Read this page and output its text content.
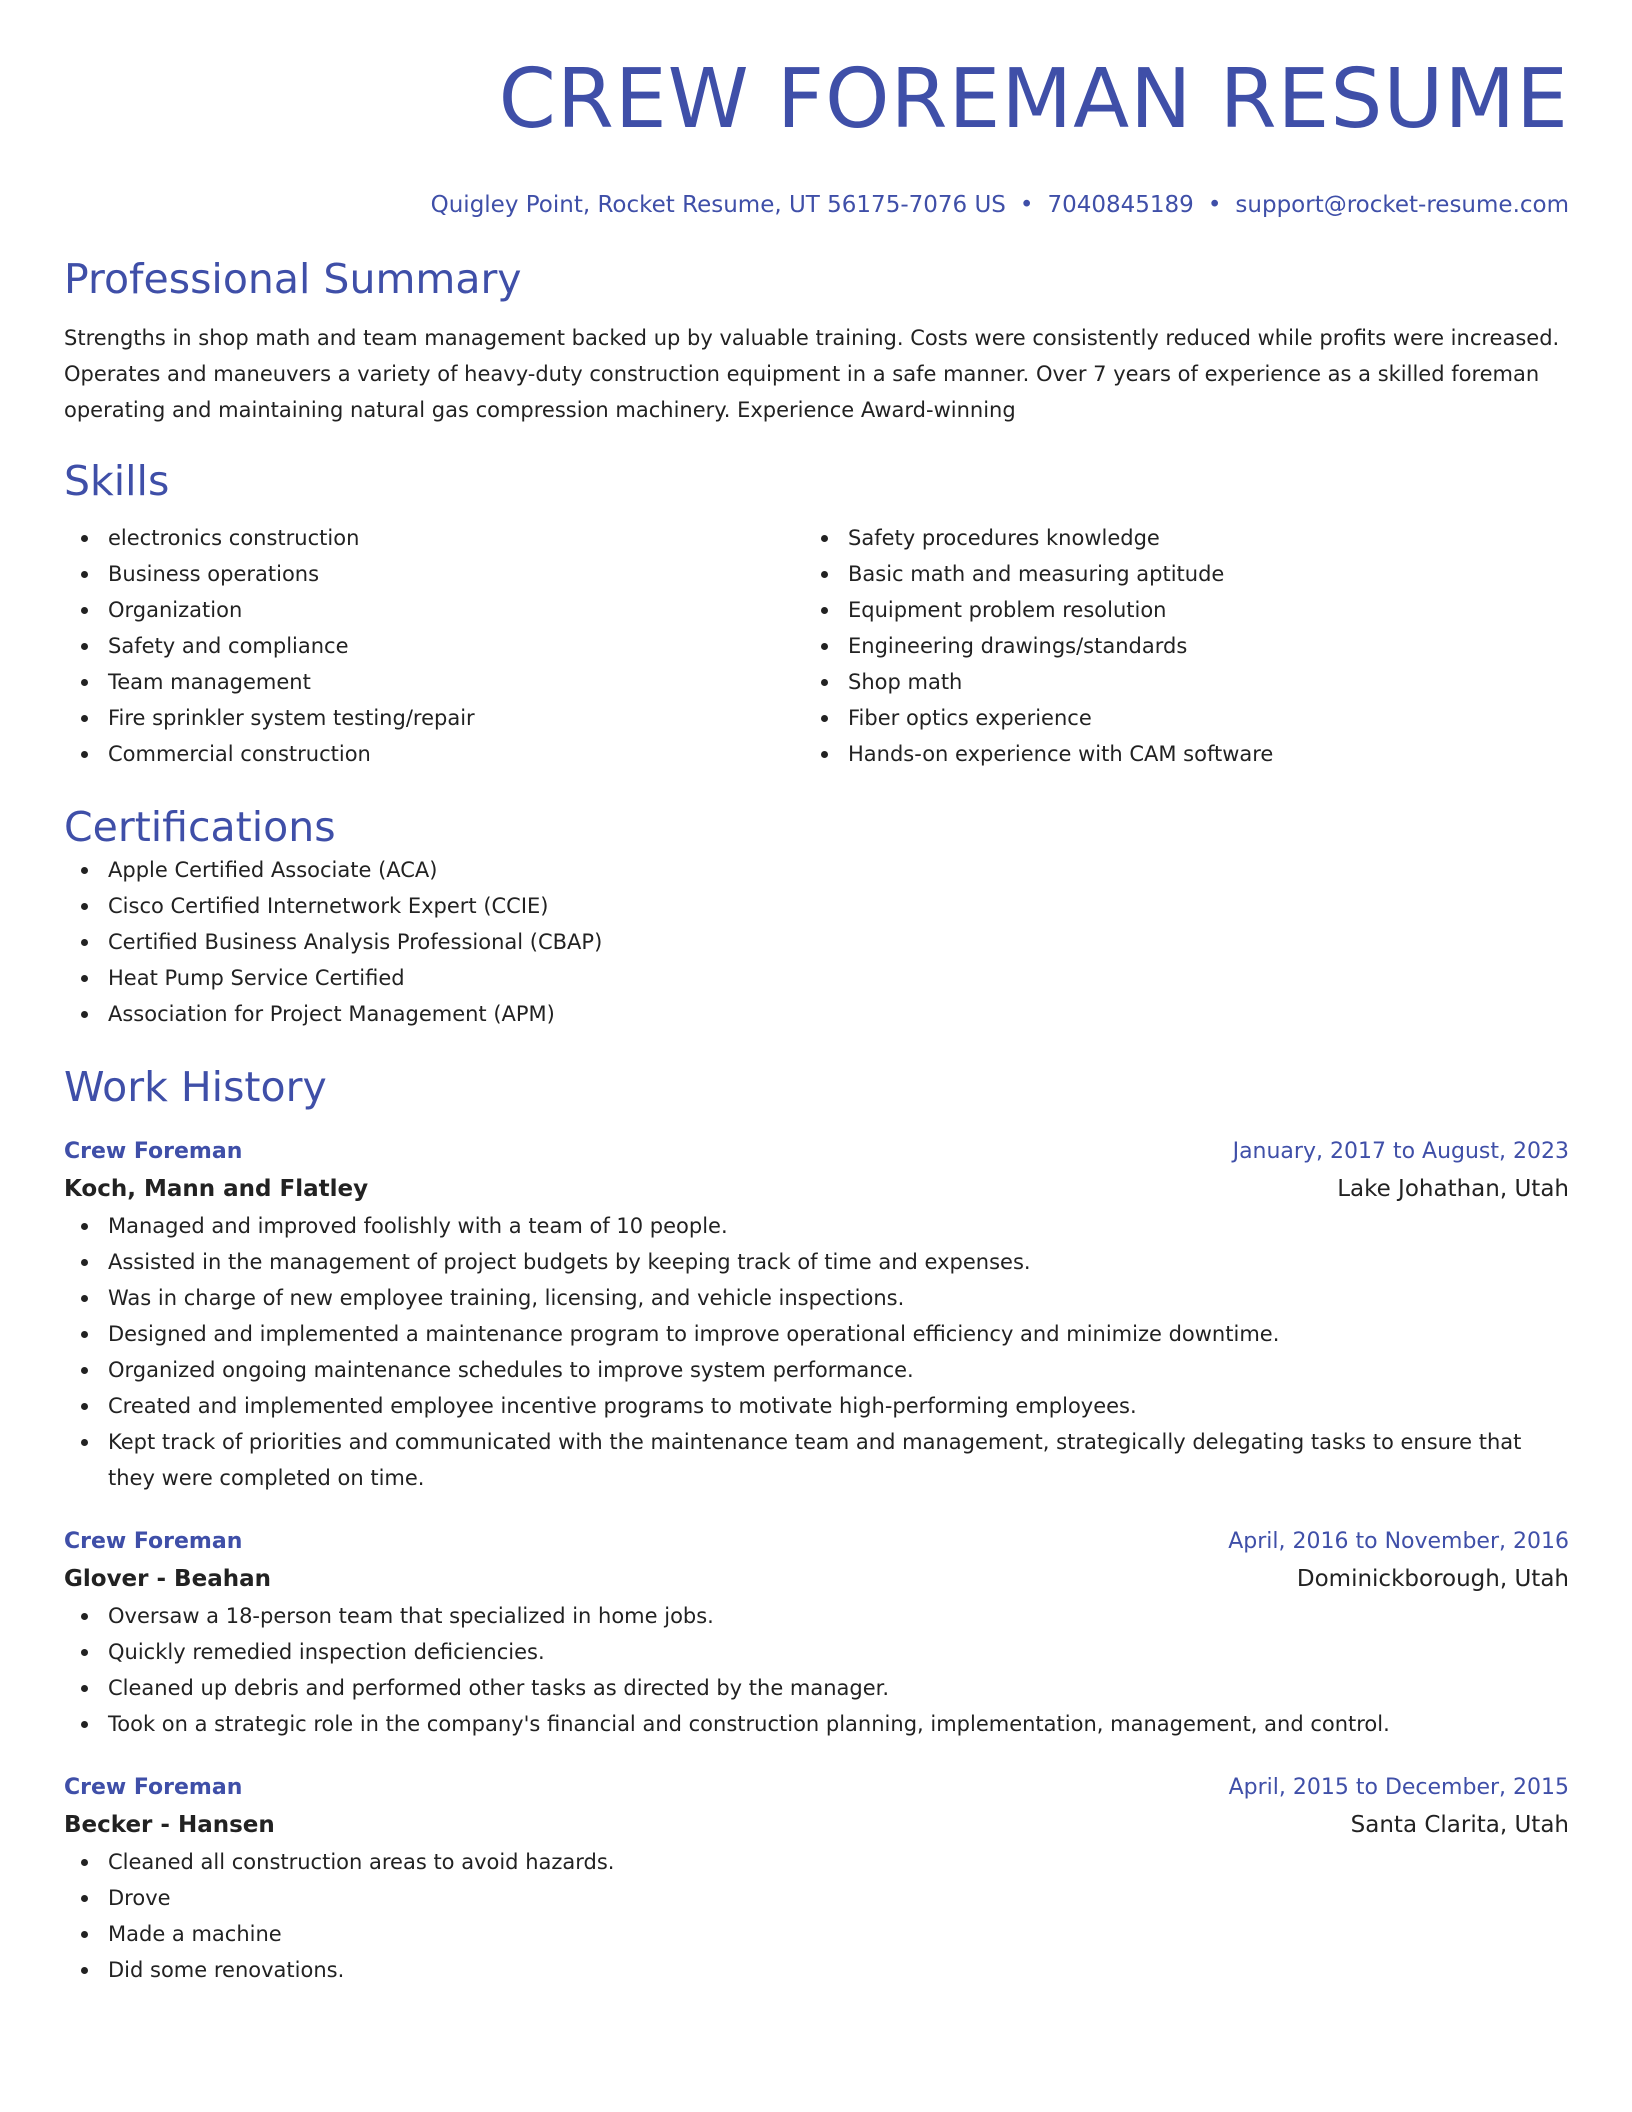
CREW FOREMAN RESUME
Quigley Point, Rocket Resume, UT 56175-7076 US • 7040845189 • support@rocket-resume.com
Professional Summary
Strengths in shop math and team management backed up by valuable training. Costs were consistently reduced while profits were increased. Operates and maneuvers a variety of heavy-duty construction equipment in a safe manner. Over 7 years of experience as a skilled foreman operating and maintaining natural gas compression machinery. Experience Award-winning
Skills
electronics construction
Business operations
Organization
Safety and compliance
Team management
Fire sprinkler system testing/repair
Commercial construction
Safety procedures knowledge
Basic math and measuring aptitude
Equipment problem resolution
Engineering drawings/standards
Shop math
Fiber optics experience
Hands-on experience with CAM software
Certifications
Apple Certified Associate (ACA)
Cisco Certified Internetwork Expert (CCIE)
Certified Business Analysis Professional (CBAP)
Heat Pump Service Certified
Association for Project Management (APM)
Work History
Crew Foreman	January, 2017 to August, 2023
Koch, Mann and Flatley	Lake Johathan, Utah
Managed and improved foolishly with a team of 10 people.
Assisted in the management of project budgets by keeping track of time and expenses.
Was in charge of new employee training, licensing, and vehicle inspections.
Designed and implemented a maintenance program to improve operational efficiency and minimize downtime.
Organized ongoing maintenance schedules to improve system performance.
Created and implemented employee incentive programs to motivate high-performing employees.
Kept track of priorities and communicated with the maintenance team and management, strategically delegating tasks to ensure that they were completed on time.
Crew Foreman	April, 2016 to November, 2016
Glover - Beahan	Dominickborough, Utah
Oversaw a 18-person team that specialized in home jobs.
Quickly remedied inspection deficiencies.
Cleaned up debris and performed other tasks as directed by the manager.
Took on a strategic role in the company's financial and construction planning, implementation, management, and control.
Crew Foreman	April, 2015 to December, 2015
Becker - Hansen	Santa Clarita, Utah
Cleaned all construction areas to avoid hazards.
Drove
Made a machine
Did some renovations.
